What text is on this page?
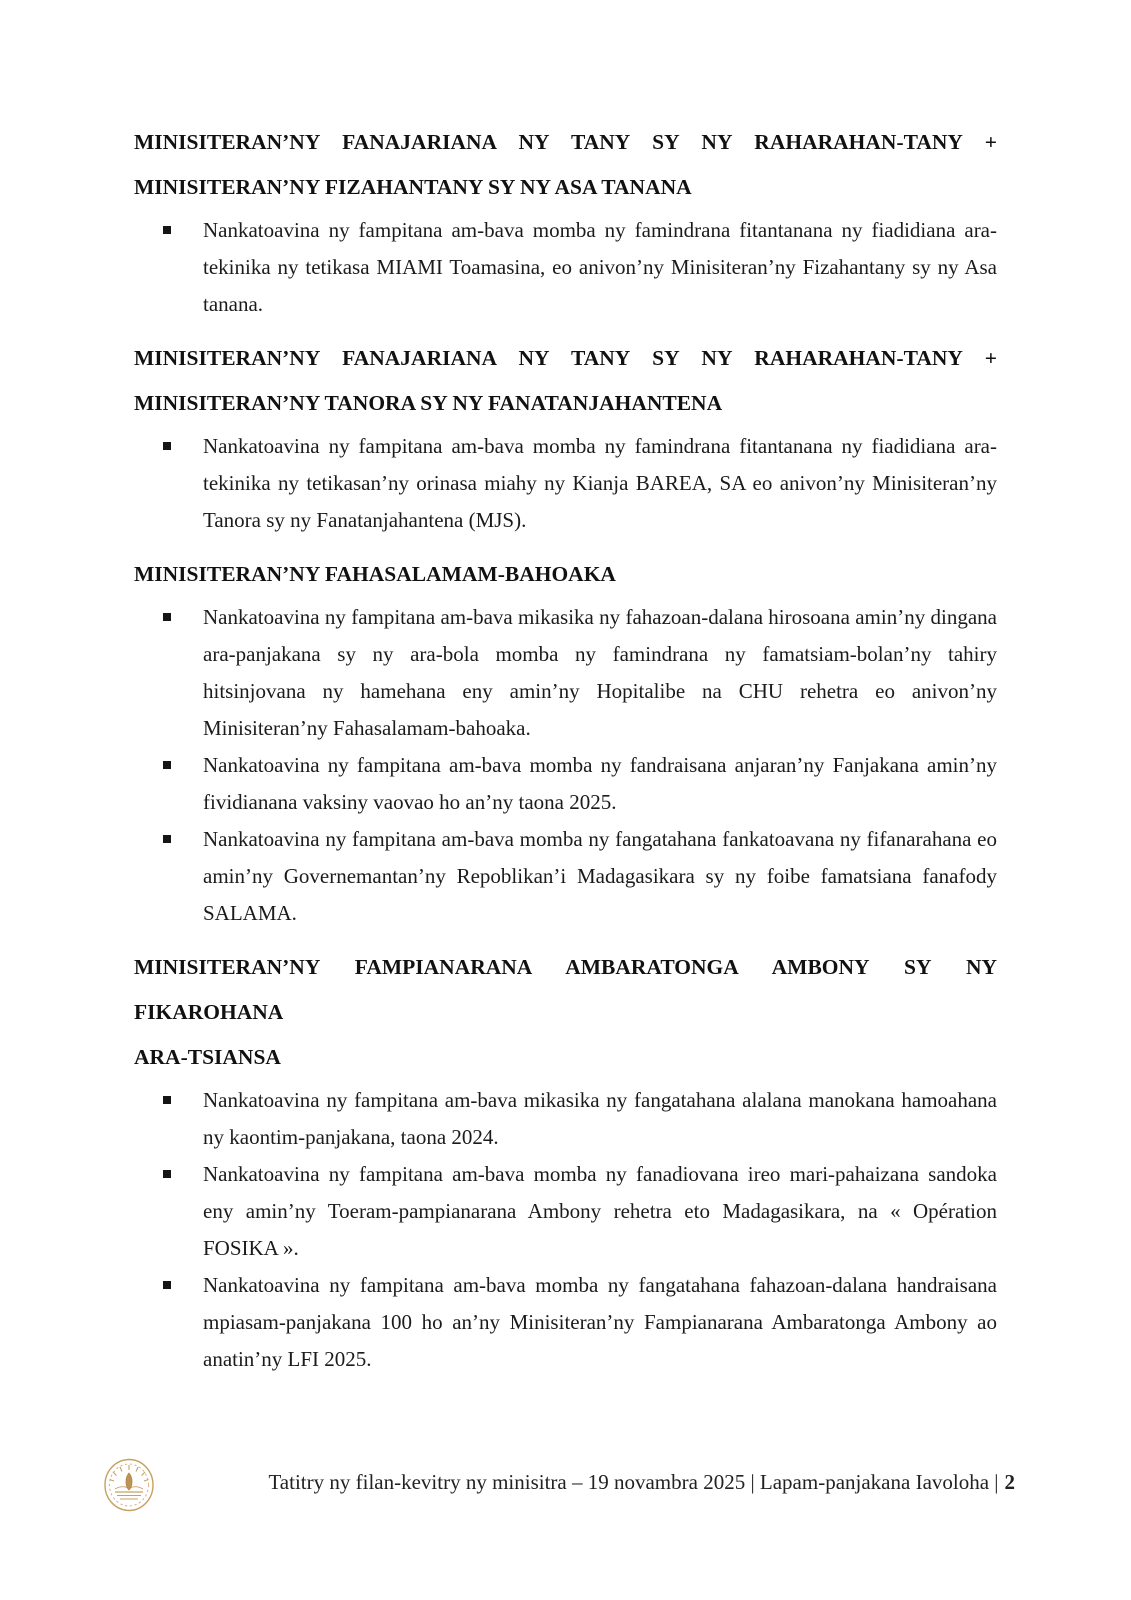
MINISITERAN’NY FANAJARIANA NY TANY SY NY RAHARAHAN-TANY +
MINISITERAN’NY FIZAHANTANY SY NY ASA TANANA
Nankatoavina ny fampitana am-bava momba ny famindrana fitantanana ny fiadidiana ara-tekinika ny tetikasa MIAMI Toamasina, eo anivon’ny Minisiteran’ny Fizahantany sy ny Asa tanana.
MINISITERAN’NY FANAJARIANA NY TANY SY NY RAHARAHAN-TANY +
MINISITERAN’NY TANORA SY NY FANATANJAHANTENA
Nankatoavina ny fampitana am-bava momba ny famindrana fitantanana ny fiadidiana ara-tekinika ny tetikasan’ny orinasa miahy ny Kianja BAREA, SA eo anivon’ny Minisiteran’ny Tanora sy ny Fanatanjahantena (MJS).
MINISITERAN’NY FAHASALAMAM-BAHOAKA
Nankatoavina ny fampitana am-bava mikasika ny fahazoan-dalana hirosoana amin’ny dingana ara-panjakana sy ny ara-bola momba ny famindrana ny famatsiam-bolan’ny tahiry hitsinjovana ny hamehana eny amin’ny Hopitalibe na CHU rehetra eo anivon’ny Minisiteran’ny Fahasalamam-bahoaka.
Nankatoavina ny fampitana am-bava momba ny fandraisana anjaran’ny Fanjakana amin’ny fividianana vaksiny vaovao ho an’ny taona 2025.
Nankatoavina ny fampitana am-bava momba ny fangatahana fankatoavana ny fifanarahana eo amin’ny Governemantan’ny Repoblikan’i Madagasikara sy ny foibe famatsiana fanafody SALAMA.
MINISITERAN’NY FAMPIANARANA AMBARATONGA AMBONY SY NY FIKAROHANA
ARA-TSIANSA
Nankatoavina ny fampitana am-bava mikasika ny fangatahana alalana manokana hamoahana ny kaontim-panjakana, taona 2024.
Nankatoavina ny fampitana am-bava momba ny fanadiovana ireo mari-pahaizana sandoka eny amin’ny Toeram-pampianarana Ambony rehetra eto Madagasikara, na « Opération FOSIKA ».
Nankatoavina ny fampitana am-bava momba ny fangatahana fahazoan-dalana handraisana mpiasam-panjakana 100 ho an’ny Minisiteran’ny Fampianarana Ambaratonga Ambony ao anatin’ny LFI 2025.
Tatitry ny filan-kevitry ny minisitra – 19 novambra 2025 | Lapam-panjakana Iavoloha | 2
